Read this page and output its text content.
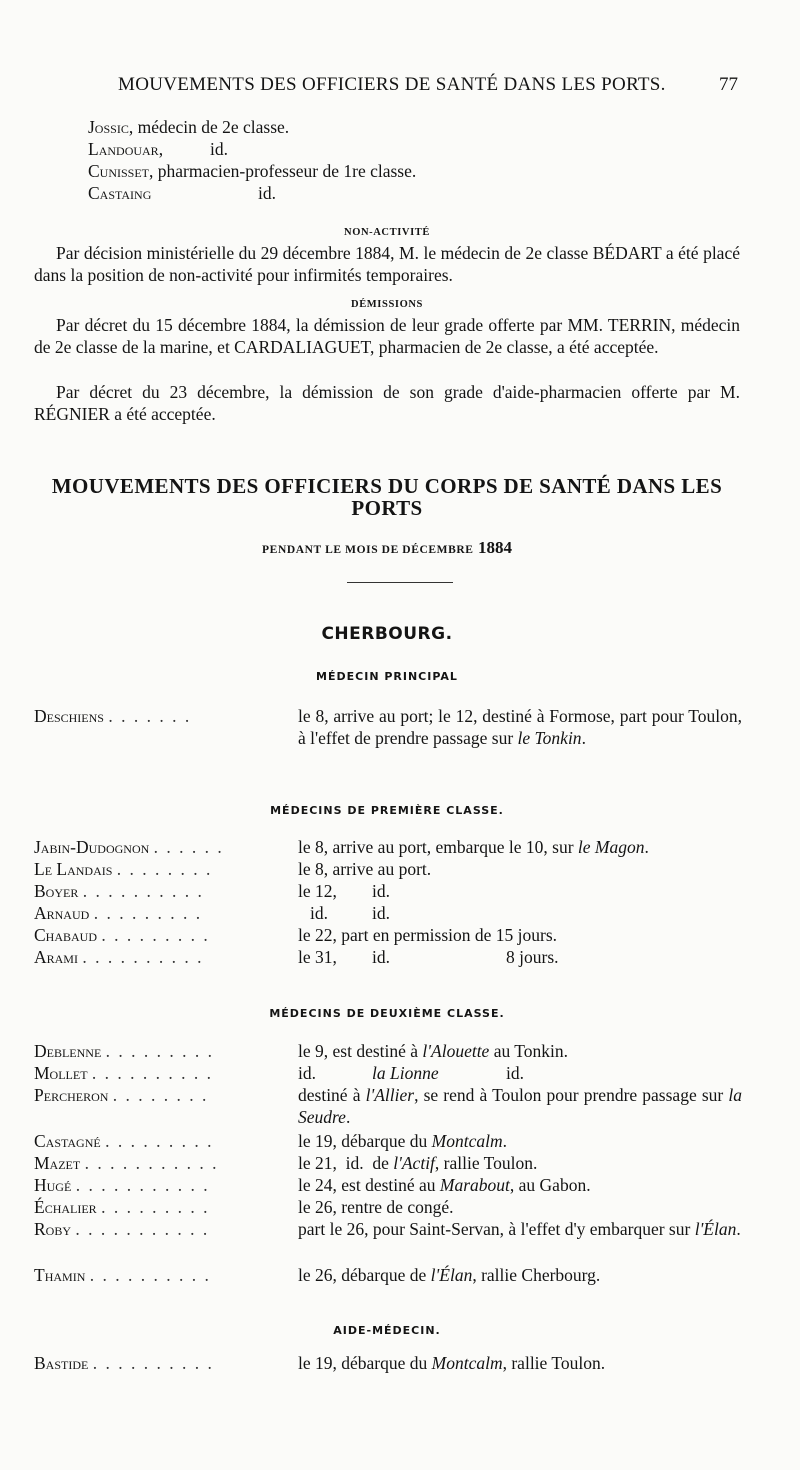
MOUVEMENTS DES OFFICIERS DE SANTÉ DANS LES PORTS.	77
Jossic, médecin de 2e classe.
Landouar,	id.
Cunisset, pharmacien-professeur de 1re classe.
Castaing	id.
NON-ACTIVITÉ

Par décision ministérielle du 29 décembre 1884, M. le médecin de 2e classe BÉDART a été placé dans la position de non-activité pour infirmités temporaires.

DÉMISSIONS

Par décret du 15 décembre 1884, la démission de leur grade offerte par MM. TERRIN, médecin de 2e classe de la marine, et CARDALIAGUET, pharmacien de 2e classe, a été acceptée.

Par décret du 23 décembre, la démission de son grade d'aide-pharmacien offerte par M. RÉGNIER a été acceptée.

MOUVEMENTS DES OFFICIERS DU CORPS DE SANTÉ DANS LES PORTS
PENDANT LE MOIS DE DÉCEMBRE 1884
CHERBOURG.
MÉDECIN PRINCIPAL
Deschiens . . . . . . .	le 8, arrive au port; le 12, destiné à Formose, part pour Toulon, à l'effet de prendre passage sur le Tonkin.
MÉDECINS DE PREMIÈRE CLASSE.
Jabin-Dudognon . . . . . .	le 8, arrive au port, embarque le 10, sur le Magon.
Le Landais . . . . . . . .	le 8, arrive au port.
Boyer . . . . . . . . . .	le 12, id.
Arnaud . . . . . . . . .	id.	id.
Chabaud . . . . . . . . .	le 22, part en permission de 15 jours.
Arami . . . . . . . . . .	le 31, id.	8 jours.
MÉDECINS DE DEUXIÈME CLASSE.
Deblenne . . . . . . . . .	le 9, est destiné à l'Alouette au Tonkin.
Mollet . . . . . . . . . .	id.	la Lionne	id.
Percheron . . . . . . . .	destiné à l'Allier, se rend à Toulon pour prendre passage sur la Seudre.
Castagné . . . . . . . . .	le 19, débarque du Montcalm.
Mazet . . . . . . . . . . .	le 21,  id.  de l'Actif, rallie Toulon.
Hugé . . . . . . . . . . .	le 24, est destiné au Marabout, au Gabon.
Échalier . . . . . . . . .	le 26, rentre de congé.
Roby . . . . . . . . . . .	part le 26, pour Saint-Servan, à l'effet d'y embarquer sur l'Élan.
Thamin . . . . . . . . . .	le 26, débarque de l'Élan, rallie Cherbourg.
AIDE-MÉDECIN.
Bastide . . . . . . . . . .	le 19, débarque du Montcalm, rallie Toulon.
